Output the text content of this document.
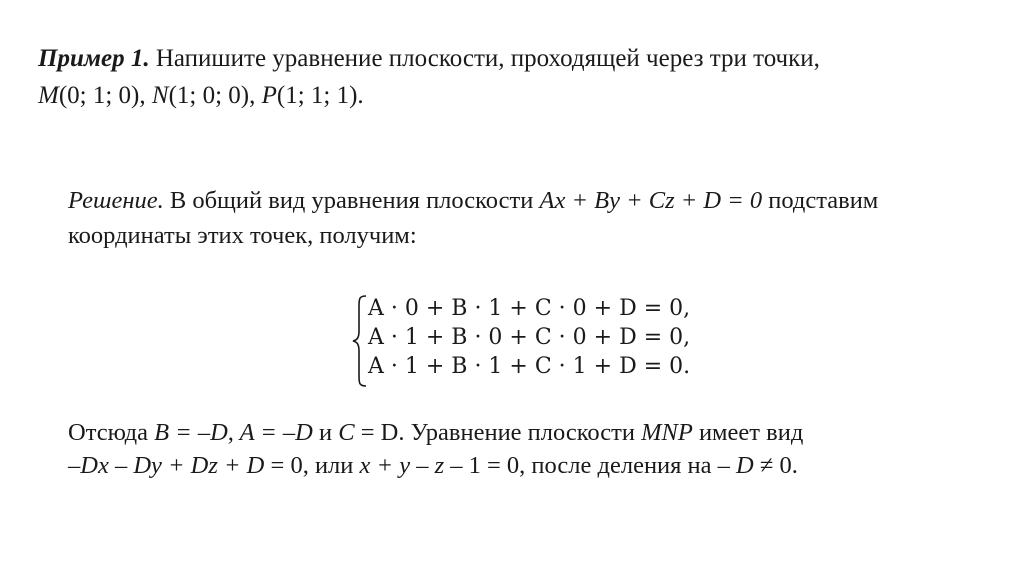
Пример 1. Напишите уравнение плоскости, проходящей через три точки,
M(0; 1; 0), N(1; 0; 0), P(1; 1; 1).
Решение. В общий вид уравнения плоскости Ax + By + Cz + D = 0 подставим
координаты этих точек, получим:
A · 0 + B · 1 + C · 0 + D = 0,
A · 1 + B · 0 + C · 0 + D = 0,
A · 1 + B · 1 + C · 1 + D = 0.
Отсюда B = –D, A = –D и C = D. Уравнение плоскости MNP имеет вид
–Dx – Dy + Dz + D = 0, или x + y – z – 1 = 0, после деления на – D ≠ 0.
